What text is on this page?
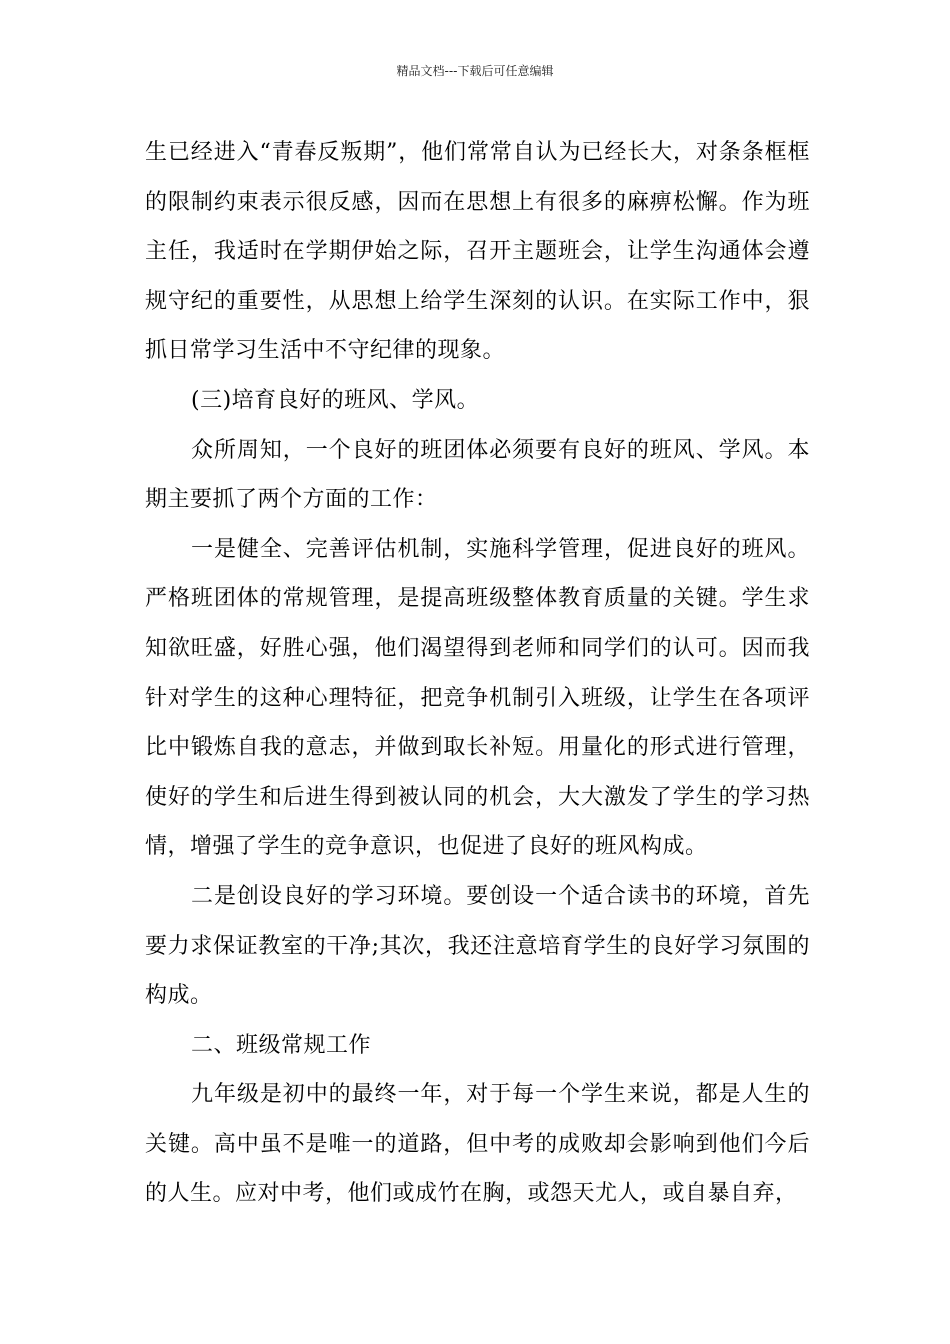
精品文档---下载后可任意编辑

生已经进入“青春反叛期”，他们常常自认为已经长大，对条条框框的限制约束表示很反感，因而在思想上有很多的麻痹松懈。作为班主任，我适时在学期伊始之际，召开主题班会，让学生沟通体会遵规守纪的重要性，从思想上给学生深刻的认识。在实际工作中，狠抓日常学习生活中不守纪律的现象。

(三)培育良好的班风、学风。

众所周知，一个良好的班团体必须要有良好的班风、学风。本期主要抓了两个方面的工作：

一是健全、完善评估机制，实施科学管理，促进良好的班风。严格班团体的常规管理，是提高班级整体教育质量的关键。学生求知欲旺盛，好胜心强，他们渴望得到老师和同学们的认可。因而我针对学生的这种心理特征，把竞争机制引入班级，让学生在各项评比中锻炼自我的意志，并做到取长补短。用量化的形式进行管理，使好的学生和后进生得到被认同的机会，大大激发了学生的学习热情，增强了学生的竞争意识，也促进了良好的班风构成。

二是创设良好的学习环境。要创设一个适合读书的环境，首先要力求保证教室的干净;其次，我还注意培育学生的良好学习氛围的构成。

二、班级常规工作

九年级是初中的最终一年，对于每一个学生来说，都是人生的关键。高中虽不是唯一的道路，但中考的成败却会影响到他们今后的人生。应对中考，他们或成竹在胸，或怨天尤人，或自暴自弃，
